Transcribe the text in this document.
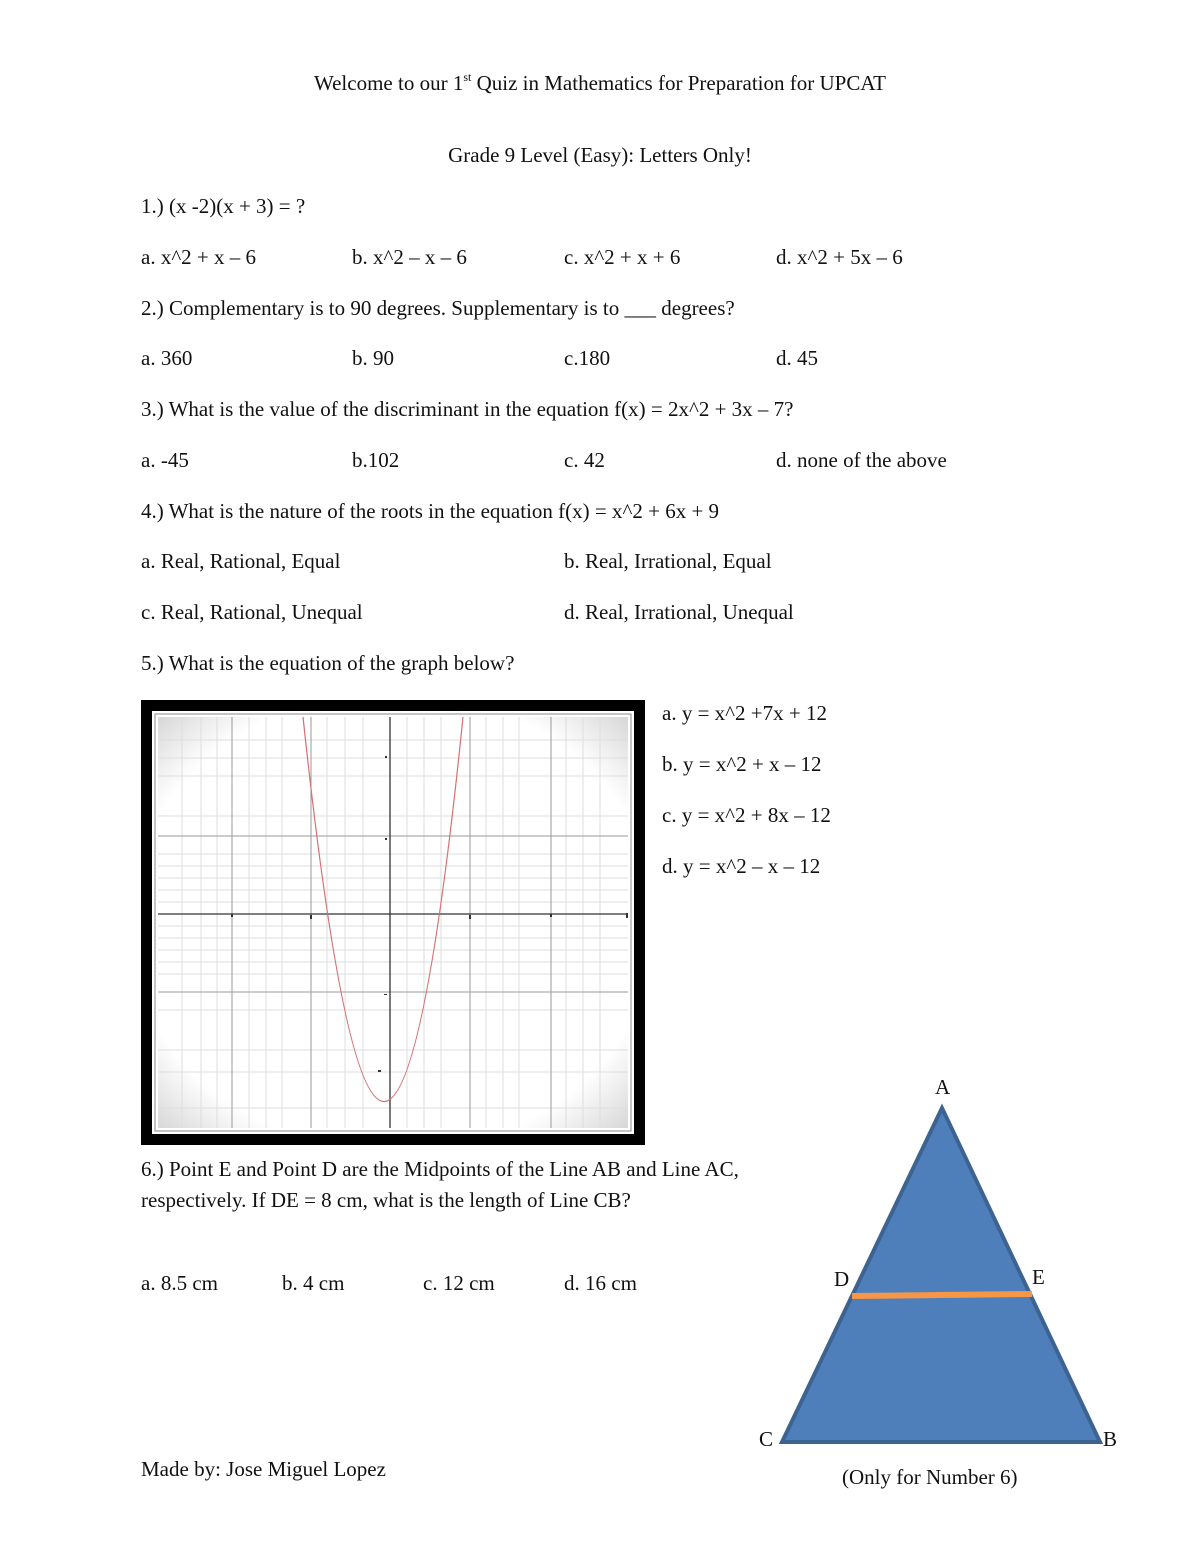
Welcome to our 1st Quiz in Mathematics for Preparation for UPCAT
Grade 9 Level (Easy): Letters Only!
1.) (x -2)(x + 3) = ?
a. x^2 + x – 6	b. x^2 – x – 6	c. x^2 + x + 6	d. x^2 + 5x – 6
2.) Complementary is to 90 degrees. Supplementary is to ___ degrees?
a. 360	b. 90	c.180	d. 45
3.) What is the value of the discriminant in the equation f(x) = 2x^2 + 3x – 7?
a. -45	b.102	c. 42	d. none of the above
4.) What is the nature of the roots in the equation f(x) = x^2 + 6x + 9
a. Real, Rational, Equal	b. Real, Irrational, Equal
c. Real, Rational, Unequal	d. Real, Irrational, Unequal
5.) What is the equation of the graph below?
a. y = x^2 +7x + 12
b. y = x^2 + x – 12
c. y = x^2 + 8x – 12
d. y = x^2 – x – 12
6.) Point E and Point D are the Midpoints of the Line AB and Line AC, respectively. If DE = 8 cm, what is the length of Line CB?
a. 8.5 cm	b. 4 cm	c. 12 cm	d. 16 cm
A
D	E
C	B
(Only for Number 6)
Made by: Jose Miguel Lopez
